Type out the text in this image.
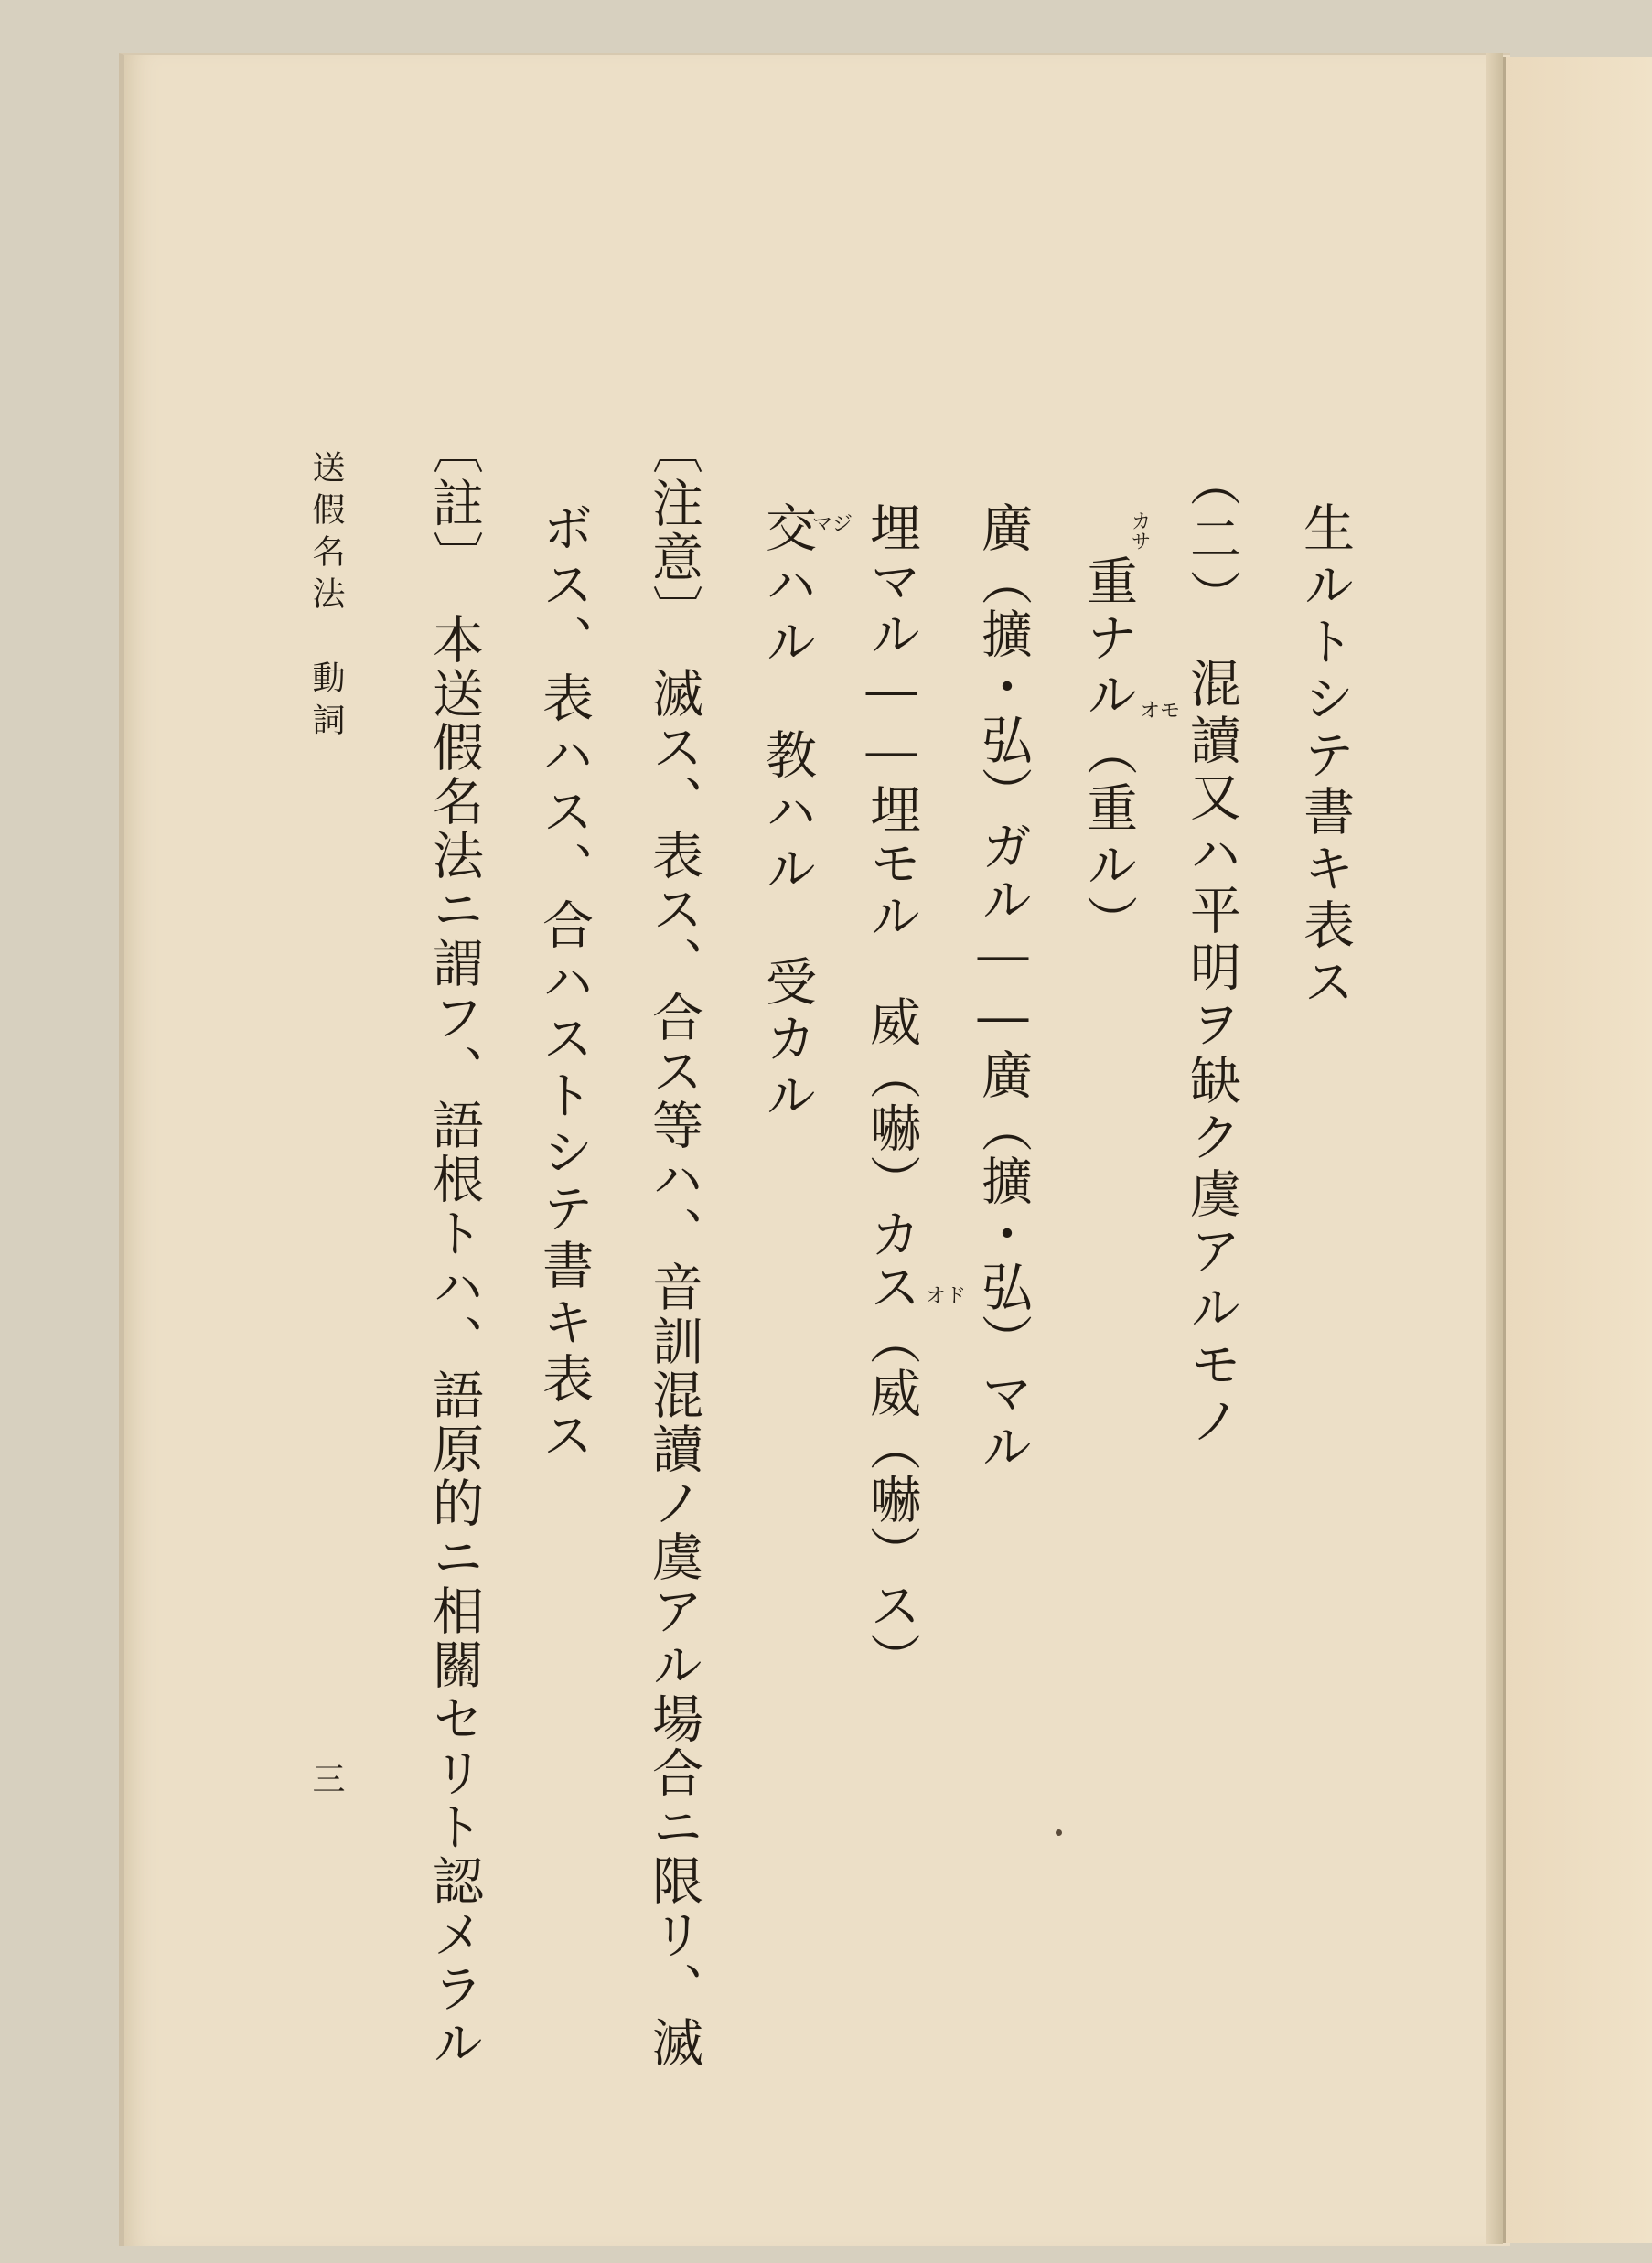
生ルトシテ書キ表ス
（二）　混讀又ハ平明ヲ缺ク虞アルモノ
重ナル（重ル）
廣（擴・弘）ガル――廣（擴・弘）マル
埋マル――埋モル　威（嚇）カス（威（嚇）ス）
交ハル　教ハル　受カル
〔注意〕　滅ス、表ス、合ス等ハ、音訓混讀ノ虞アル場合ニ限リ、滅
ボス、表ハス、合ハストシテ書キ表ス
〔註〕　本送假名法ニ謂フ、語根トハ、語原的ニ相關セリト認メラル	カサ
オモ
マジ
オド
送假名法　動詞
三
